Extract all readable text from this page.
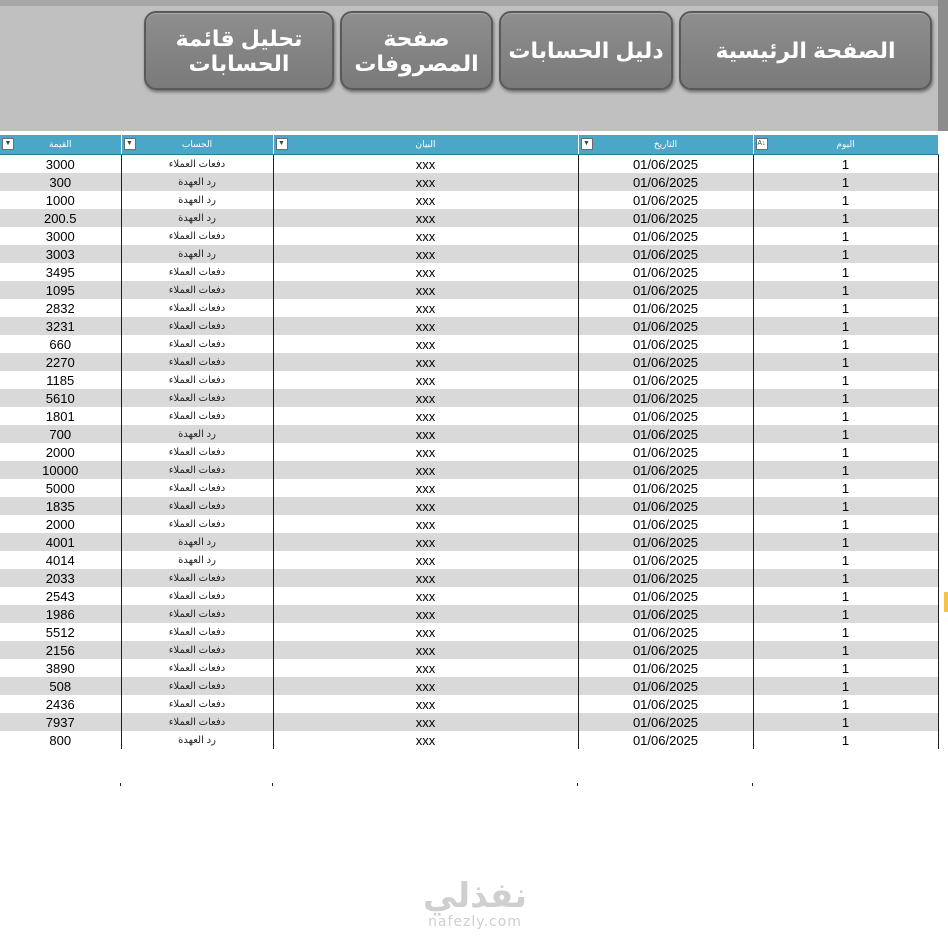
الصفحة الرئيسية
دليل الحسابات
صفحة
المصروفات
تحليل قائمة
الحسابات
▼ القيمة	▼ الحساب	▼ البيان	▼ التاريخ	A↓ اليوم
3000	دفعات العملاء	xxx	01/06/2025	1
300	رد العهدة	xxx	01/06/2025	1
1000	رد العهدة	xxx	01/06/2025	1
200.5	رد العهدة	xxx	01/06/2025	1
3000	دفعات العملاء	xxx	01/06/2025	1
3003	رد العهدة	xxx	01/06/2025	1
3495	دفعات العملاء	xxx	01/06/2025	1
1095	دفعات العملاء	xxx	01/06/2025	1
2832	دفعات العملاء	xxx	01/06/2025	1
3231	دفعات العملاء	xxx	01/06/2025	1
660	دفعات العملاء	xxx	01/06/2025	1
2270	دفعات العملاء	xxx	01/06/2025	1
1185	دفعات العملاء	xxx	01/06/2025	1
5610	دفعات العملاء	xxx	01/06/2025	1
1801	دفعات العملاء	xxx	01/06/2025	1
700	رد العهدة	xxx	01/06/2025	1
2000	دفعات العملاء	xxx	01/06/2025	1
10000	دفعات العملاء	xxx	01/06/2025	1
5000	دفعات العملاء	xxx	01/06/2025	1
1835	دفعات العملاء	xxx	01/06/2025	1
2000	دفعات العملاء	xxx	01/06/2025	1
4001	رد العهدة	xxx	01/06/2025	1
4014	رد العهدة	xxx	01/06/2025	1
2033	دفعات العملاء	xxx	01/06/2025	1
2543	دفعات العملاء	xxx	01/06/2025	1
1986	دفعات العملاء	xxx	01/06/2025	1
5512	دفعات العملاء	xxx	01/06/2025	1
2156	دفعات العملاء	xxx	01/06/2025	1
3890	دفعات العملاء	xxx	01/06/2025	1
508	دفعات العملاء	xxx	01/06/2025	1
2436	دفعات العملاء	xxx	01/06/2025	1
7937	دفعات العملاء	xxx	01/06/2025	1
800	رد العهدة	xxx	01/06/2025	1
نفذلي
nafezly.com
